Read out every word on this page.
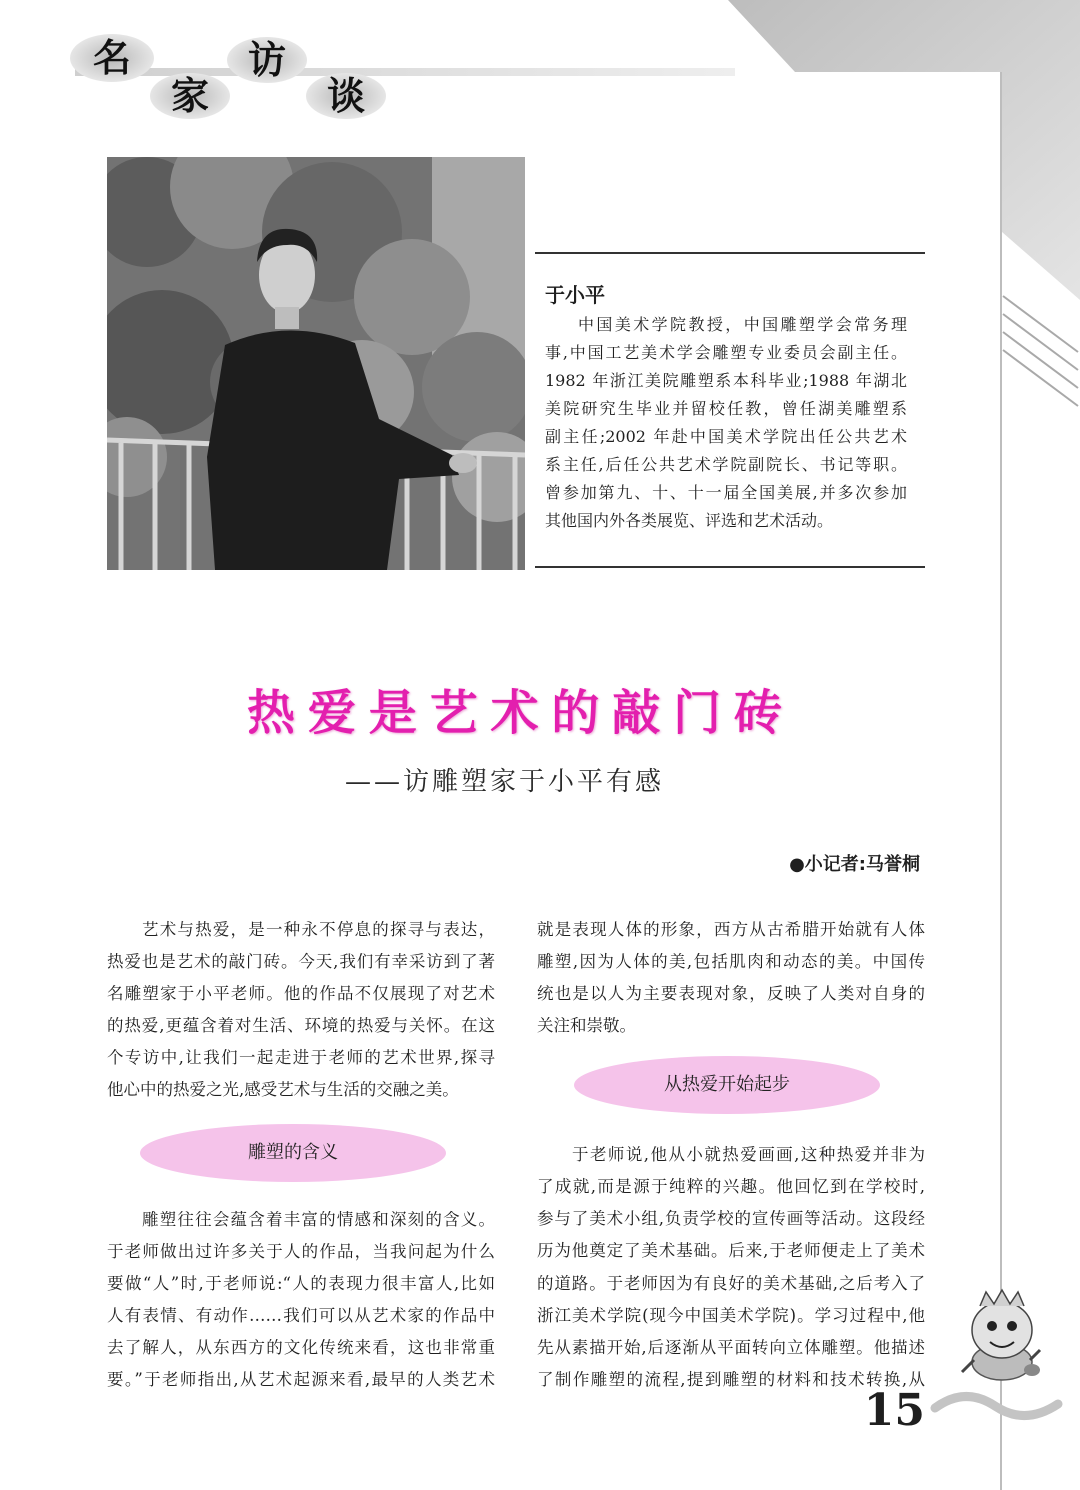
名
家
访
谈
于小平
中国美术学院教授，中国雕塑学会常务理
事,中国工艺美术学会雕塑专业委员会副主任。
1982 年浙江美院雕塑系本科毕业;1988 年湖北
美院研究生毕业并留校任教，曾任湖美雕塑系
副主任;2002 年赴中国美术学院出任公共艺术
系主任,后任公共艺术学院副院长、书记等职。
曾参加第九、十、十一届全国美展,并多次参加
其他国内外各类展览、评选和艺术活动。
热爱是艺术的敲门砖
——访雕塑家于小平有感
●小记者:马誉桐
艺术与热爱，是一种永不停息的探寻与表达，
热爱也是艺术的敲门砖。今天,我们有幸采访到了著
名雕塑家于小平老师。他的作品不仅展现了对艺术
的热爱,更蕴含着对生活、环境的热爱与关怀。在这
个专访中,让我们一起走进于老师的艺术世界,探寻
他心中的热爱之光,感受艺术与生活的交融之美。
雕塑的含义
雕塑往往会蕴含着丰富的情感和深刻的含义。
于老师做出过许多关于人的作品，当我问起为什么
要做“人”时,于老师说:“人的表现力很丰富人,比如
人有表情、有动作……我们可以从艺术家的作品中
去了解人，从东西方的文化传统来看，这也非常重
要。”于老师指出,从艺术起源来看,最早的人类艺术
就是表现人体的形象，西方从古希腊开始就有人体
雕塑,因为人体的美,包括肌肉和动态的美。中国传
统也是以人为主要表现对象，反映了人类对自身的
关注和崇敬。
从热爱开始起步
于老师说,他从小就热爱画画,这种热爱并非为
了成就,而是源于纯粹的兴趣。他回忆到在学校时,
参与了美术小组,负责学校的宣传画等活动。这段经
历为他奠定了美术基础。后来,于老师便走上了美术
的道路。于老师因为有良好的美术基础,之后考入了
浙江美术学院(现今中国美术学院)。学习过程中,他
先从素描开始,后逐渐从平面转向立体雕塑。他描述
了制作雕塑的流程,提到雕塑的材料和技术转换,从
15
